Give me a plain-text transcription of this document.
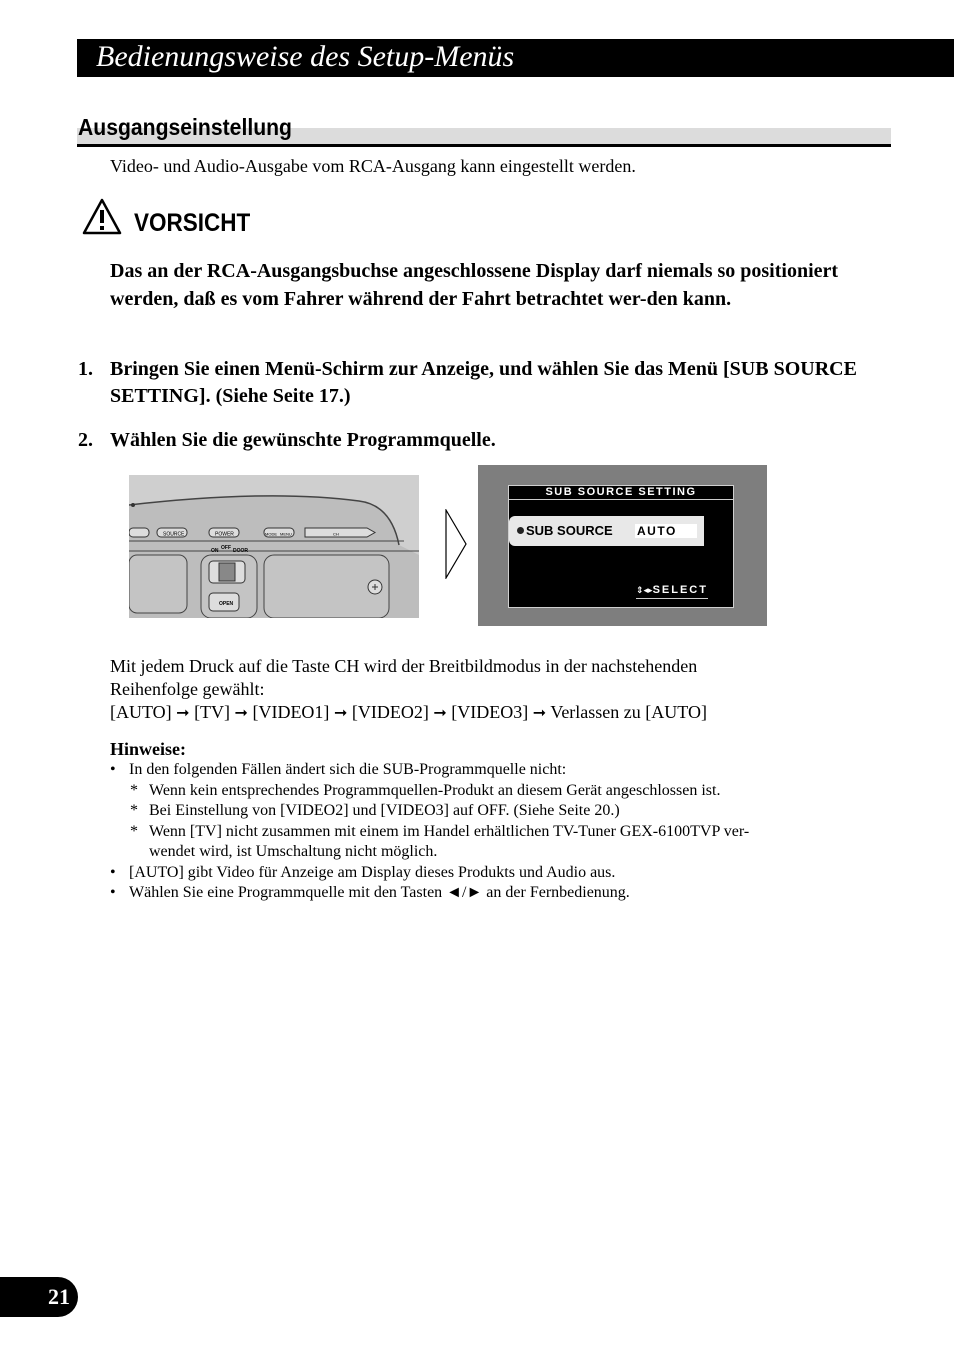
Bedienungsweise des Setup-Menüs
Ausgangseinstellung
Video- und Audio-Ausgabe vom RCA-Ausgang kann eingestellt werden.
VORSICHT
Das an der RCA-Ausgangsbuchse angeschlossene Display darf niemals so positioniert werden, daß es vom Fahrer während der Fahrt betrachtet wer-den kann.
1. Bringen Sie einen Menü-Schirm zur Anzeige, und wählen Sie das Menü [SUB SOURCE SETTING]. (Siehe Seite 17.)
2. Wählen Sie die gewünschte Programmquelle.
SOURCE	POWER	MODE MENU	CH
OFF
ON	DOOR
OPEN
SUB SOURCE SETTING
SUB SOURCE AUTO
⇕◂▸SELECT
Mit jedem Druck auf die Taste CH wird der Breitbildmodus in der nachstehenden
Reihenfolge gewählt:
[AUTO] ➞ [TV] ➞ [VIDEO1] ➞ [VIDEO2] ➞ [VIDEO3] ➞ Verlassen zu [AUTO]
Hinweise:
• In den folgenden Fällen ändert sich die SUB-Programmquelle nicht:
* Wenn kein entsprechendes Programmquellen-Produkt an diesem Gerät angeschlossen ist.
* Bei Einstellung von [VIDEO2] und [VIDEO3] auf OFF. (Siehe Seite 20.)
* Wenn [TV] nicht zusammen mit einem im Handel erhältlichen TV-Tuner GEX-6100TVP ver-
wendet wird, ist Umschaltung nicht möglich.
• [AUTO] gibt Video für Anzeige am Display dieses Produkts und Audio aus.
• Wählen Sie eine Programmquelle mit den Tasten ◄/► an der Fernbedienung.
21
